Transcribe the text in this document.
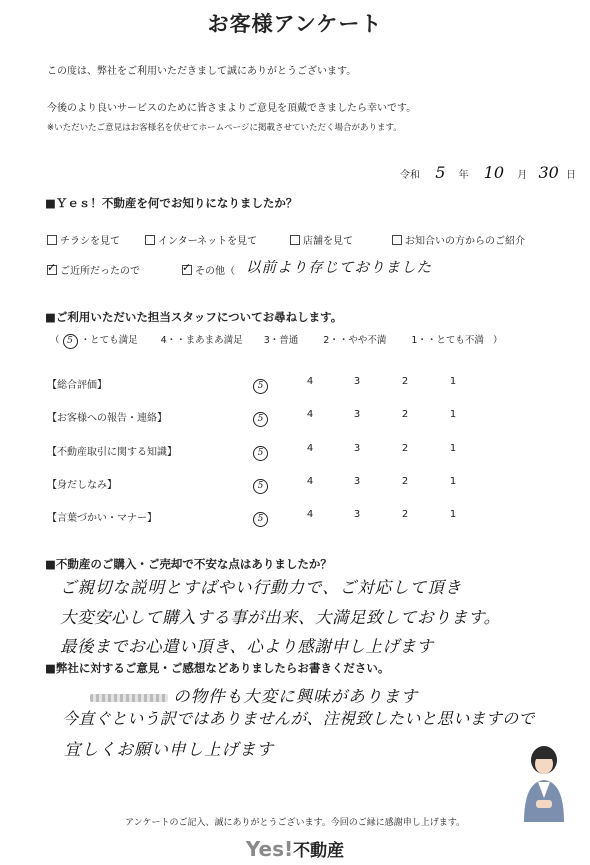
お客様アンケート
この度は、弊社をご利用いただきまして誠にありがとうございます。
今後のより良いサービスのために皆さまよりご意見を頂戴できましたら幸いです。
※いただいたご意見はお客様名を伏せてホームページに掲載させていただく場合があります。
令和 5 年 10 月 30 日
■Ｙｅｓ！不動産を何でお知りになりましたか？
チラシを見て	インターネットを見て	店舗を見て	お知合いの方からのご紹介
✓ご近所だったので
✓	その他（ 以前より存じておりました
■ご利用いただいた担当スタッフについてお尋ねします。
（ 5 ・とても満足 4・・まあまあ満足 3・普通	2・・やや不満	1・・とても不満 ）
【総合評価】
【お客様への報告・連絡】
【不動産取引に関する知識】
【身だしなみ】
【言葉づかい・マナー】
5	4	3	2	1
5	4	3	2	1
5	4	3	2	1
5	4	3	2	1
5	4	3	2	1
■不動産のご購入・ご売却で不安な点はありましたか？
ご親切な説明とすばやい行動力で、ご対応して頂き
大変安心して購入する事が出来、大満足致しております。
最後までお心遣い頂き、心より感謝申し上げます
■弊社に対するご意見・ご感想などありましたらお書きください。
の物件も大変に興味があります
今直ぐという訳ではありませんが、注視致したいと思いますので
宜しくお願い申し上げます
アンケートのご記入、誠にありがとうございます。今回のご縁に感謝申し上げます。
Yes!不動産
